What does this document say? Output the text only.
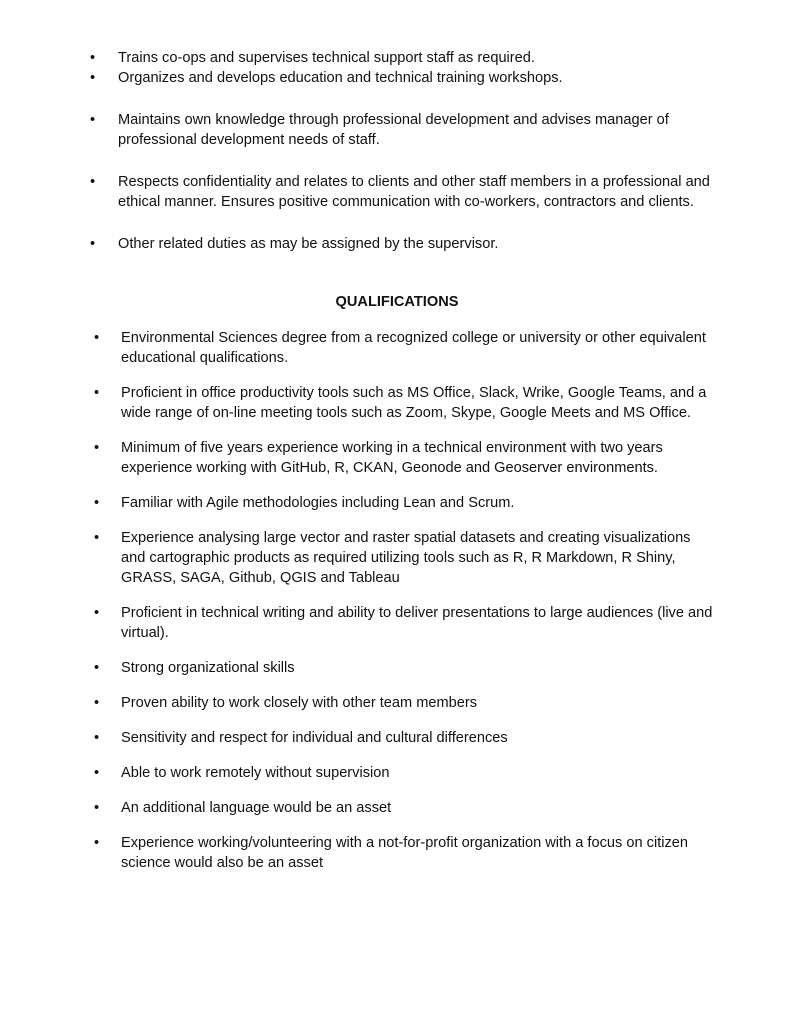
• Trains co-ops and supervises technical support staff as required.
• Organizes and develops education and technical training workshops.
• Maintains own knowledge through professional development and advises manager of professional development needs of staff.
• Respects confidentiality and relates to clients and other staff members in a professional and ethical manner. Ensures positive communication with co-workers, contractors and clients.
• Other related duties as may be assigned by the supervisor.
QUALIFICATIONS
• Environmental Sciences degree from a recognized college or university or other equivalent educational qualifications.
• Proficient in office productivity tools such as MS Office, Slack, Wrike, Google Teams, and a wide range of on-line meeting tools such as Zoom, Skype, Google Meets and MS Office.
• Minimum of five years experience working in a technical environment with two years experience working with GitHub, R, CKAN, Geonode and Geoserver environments.
• Familiar with Agile methodologies including Lean and Scrum.
• Experience analysing large vector and raster spatial datasets and creating visualizations and cartographic products as required utilizing tools such as R, R Markdown, R Shiny, GRASS, SAGA, Github, QGIS and Tableau
• Proficient in technical writing and ability to deliver presentations to large audiences (live and virtual).
• Strong organizational skills
• Proven ability to work closely with other team members
• Sensitivity and respect for individual and cultural differences
• Able to work remotely without supervision
• An additional language would be an asset
• Experience working/volunteering with a not-for-profit organization with a focus on citizen science would also be an asset
